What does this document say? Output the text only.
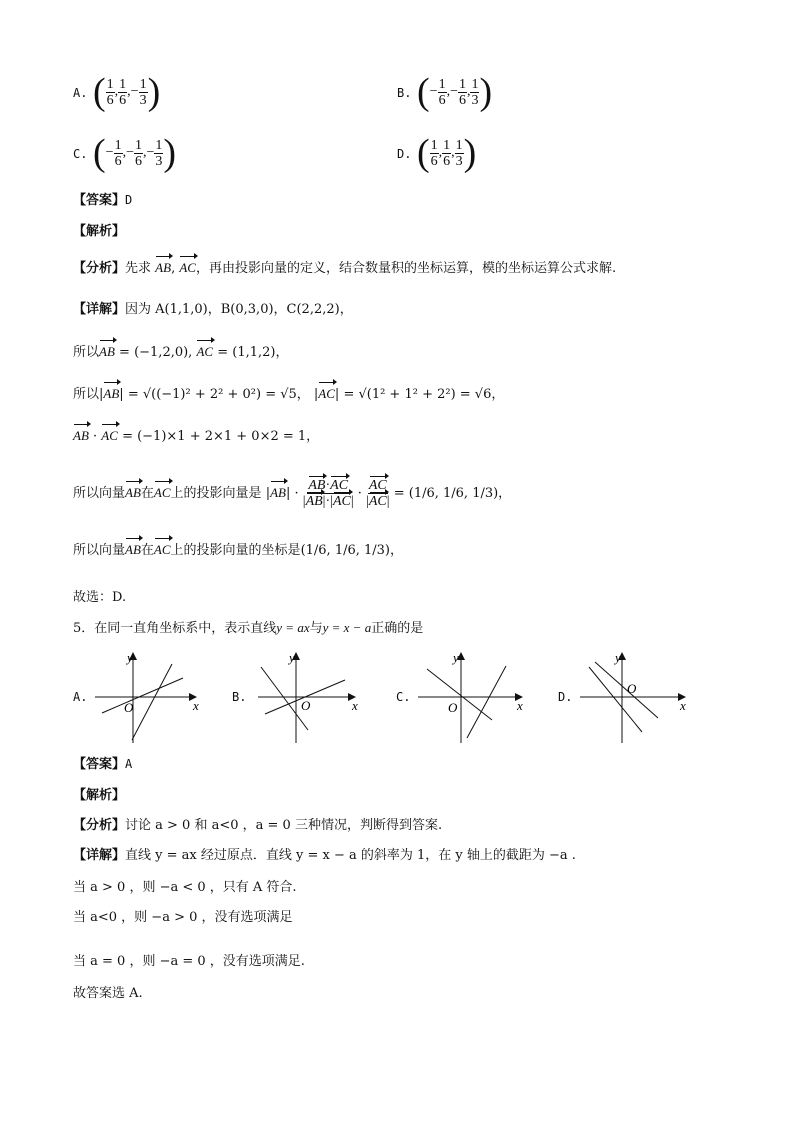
A. ( $\frac{1}{6}$ , $\frac{1}{6}$ ,− $\frac{1}{3}$ )	B. (− $\frac{1}{6}$ ,− $\frac{1}{6}$ , $\frac{1}{3}$ )
C. (− $\frac{1}{6}$ ,− $\frac{1}{6}$ ,− $\frac{1}{3}$ )	D. ( $\frac{1}{6}$ , $\frac{1}{6}$ , $\frac{1}{3}$ )
【答案】D
【解析】
【分析】先求 AB, AC，再由投影向量的定义，结合数量积的坐标运算，模的坐标运算公式求解.
【详解】因为 A(1,1,0)，B(0,3,0)，C(2,2,2)，
所以AB = (−1,2,0), AC = (1,1,2)，
所以|AB| = √((−1)² + 2² + 0²) = √5， |AC| = √(1² + 1² + 2²) = √6，
AB · AC = (−1)×1 + 2×1 + 0×2 = 1，
所以向量AB在AC上的投影向量是 $|AB| \cdot \frac{AB\cdot AC}{|AB|\cdot|AC|} \cdot \frac{AC}{|AC|} = (1/6$, 1/6, 1/3)，
所以向量AB在AC上的投影向量的坐标是(1/6, 1/6, 1/3)，
故选：D.
5．在同一直角坐标系中，表示直线y = ax与y = x − a正确的是
A.	B.	C.	D.
x
y
O	x
y
O	x
y
O	x
y
O
【答案】A
【解析】
【分析】讨论 a > 0 和 a<0 ，a = 0 三种情况，判断得到答案.
【详解】直线 y = ax 经过原点．直线 y = x − a 的斜率为 1，在 y 轴上的截距为 −a .
当 a > 0 ，则 −a < 0 ，只有 A 符合.
当 a<0 ，则 −a > 0 ，没有选项满足
当 a = 0 ，则 −a = 0 ，没有选项满足.
故答案选 A.
